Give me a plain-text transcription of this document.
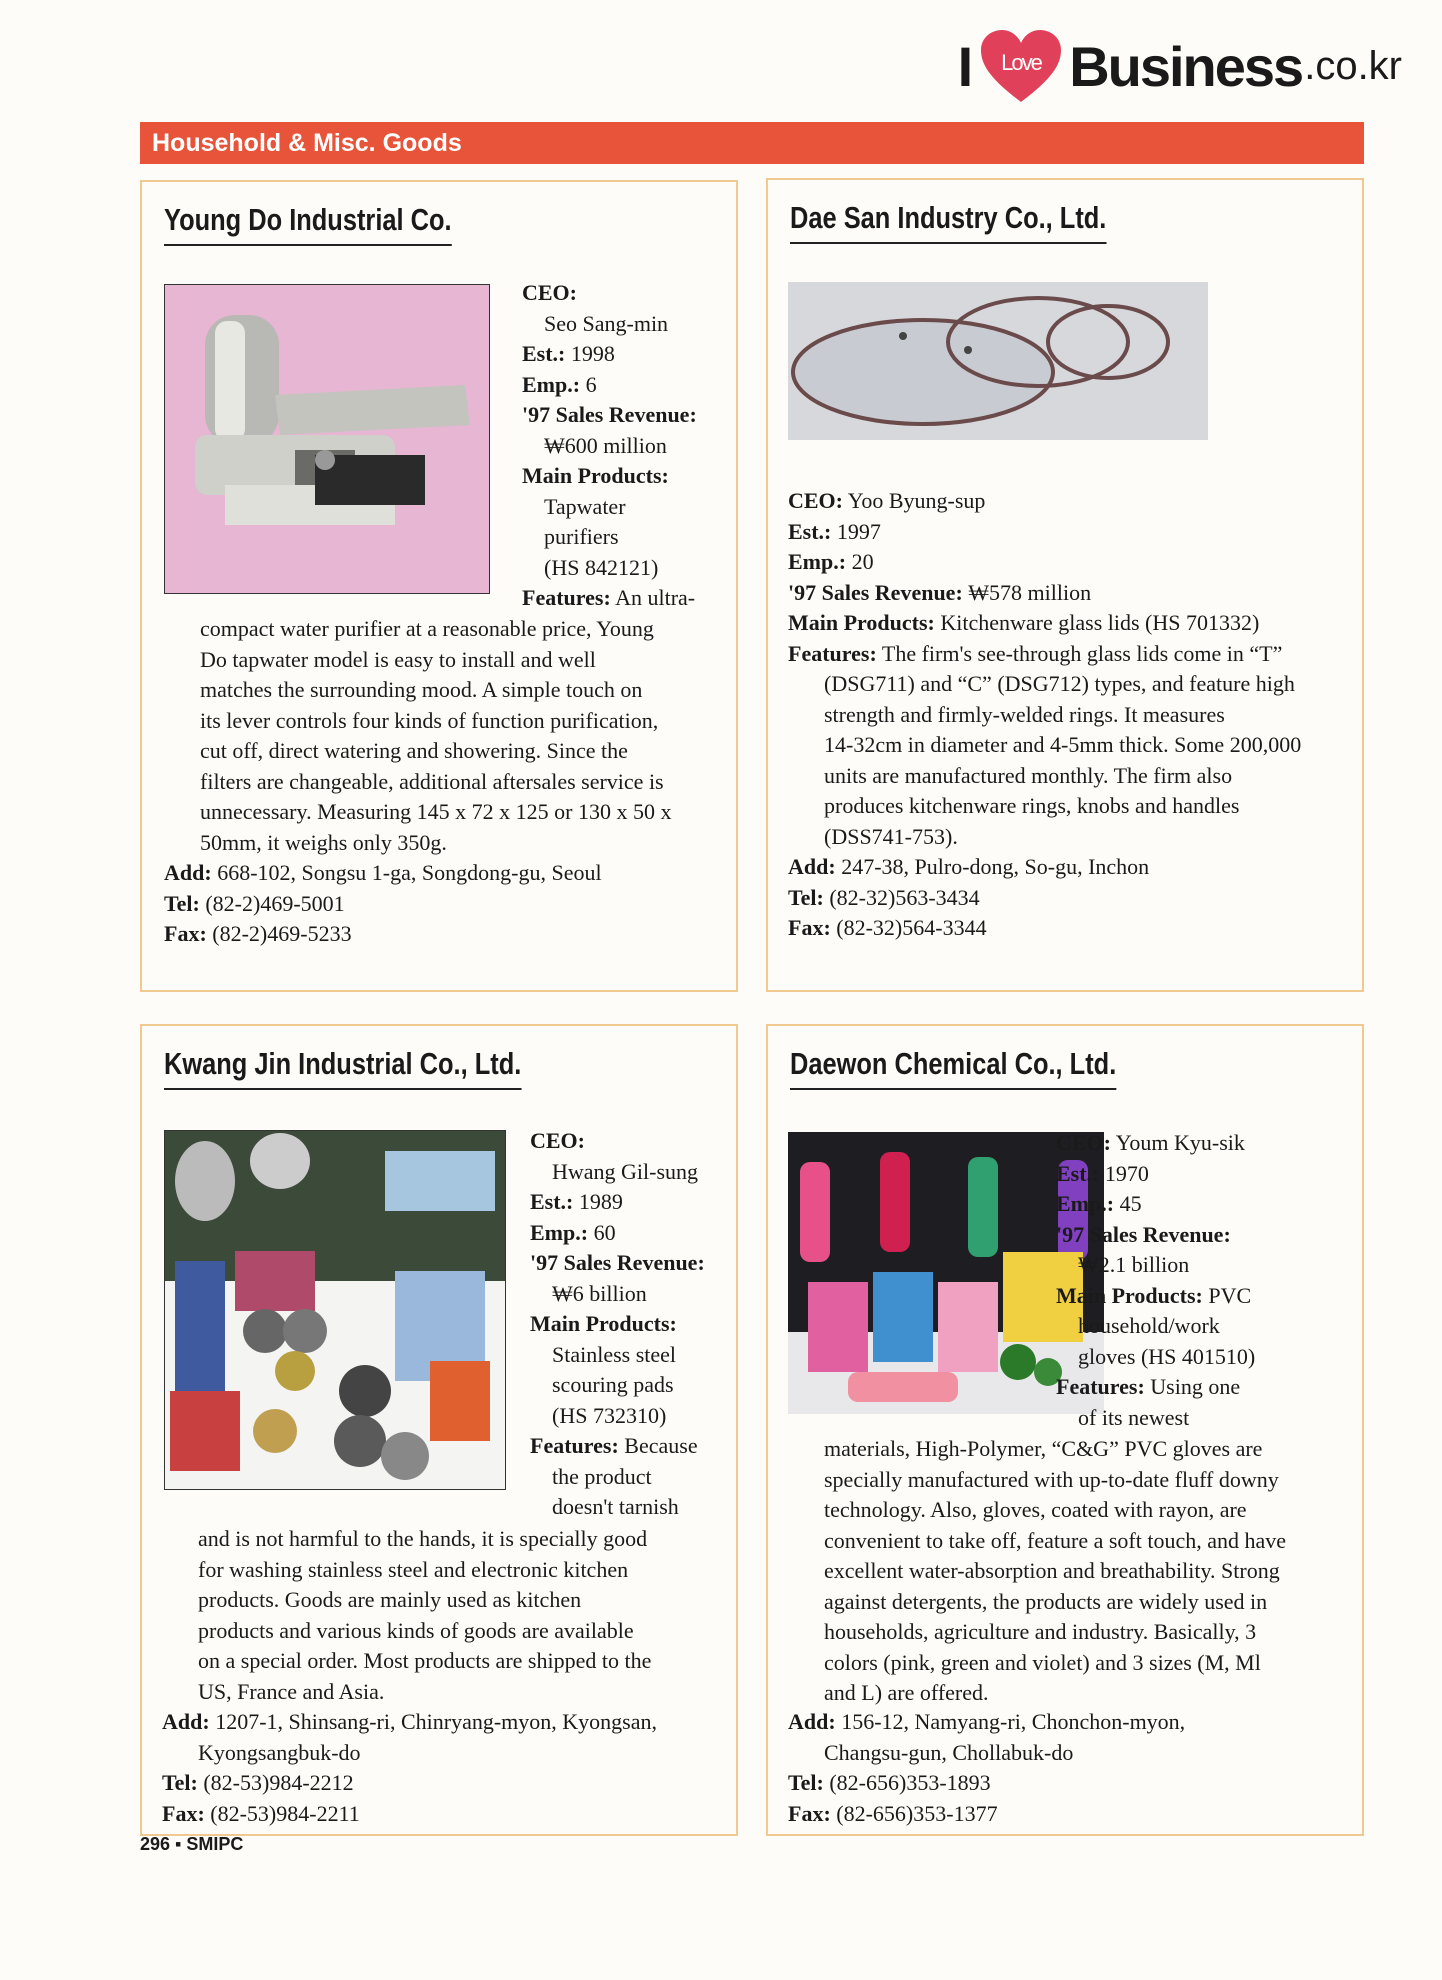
I Love Business .co.kr
Household & Misc. Goods
Young Do Industrial Co.
CEO:
Seo Sang-min
Est.: 1998
Emp.: 6
'97 Sales Revenue:
₩600 million
Main Products:
Tapwater
purifiers
(HS 842121)
Features: An ultra-
compact water purifier at a reasonable price, Young
Do tapwater model is easy to install and well
matches the surrounding mood. A simple touch on
its lever controls four kinds of function purification,
cut off, direct watering and showering. Since the
filters are changeable, additional aftersales service is
unnecessary. Measuring 145 x 72 x 125 or 130 x 50 x
50mm, it weighs only 350g.
Add: 668-102, Songsu 1-ga, Songdong-gu, Seoul
Tel: (82-2)469-5001
Fax: (82-2)469-5233
Dae San Industry Co., Ltd.
CEO: Yoo Byung-sup
Est.: 1997
Emp.: 20
'97 Sales Revenue: ₩578 million
Main Products: Kitchenware glass lids (HS 701332)
Features: The firm's see-through glass lids come in “T”
(DSG711) and “C” (DSG712) types, and feature high
strength and firmly-welded rings. It measures
14-32cm in diameter and 4-5mm thick. Some 200,000
units are manufactured monthly. The firm also
produces kitchenware rings, knobs and handles
(DSS741-753).
Add: 247-38, Pulro-dong, So-gu, Inchon
Tel: (82-32)563-3434
Fax: (82-32)564-3344
Kwang Jin Industrial Co., Ltd.
CEO:
Hwang Gil-sung
Est.: 1989
Emp.: 60
'97 Sales Revenue:
₩6 billion
Main Products:
Stainless steel
scouring pads
(HS 732310)
Features: Because
the product
doesn't tarnish
and is not harmful to the hands, it is specially good
for washing stainless steel and electronic kitchen
products. Goods are mainly used as kitchen
products and various kinds of goods are available
on a special order. Most products are shipped to the
US, France and Asia.
Add: 1207-1, Shinsang-ri, Chinryang-myon, Kyongsan,
Kyongsangbuk-do
Tel: (82-53)984-2212
Fax: (82-53)984-2211
Daewon Chemical Co., Ltd.
CEO: Youm Kyu-sik
Est.: 1970
Emp.: 45
'97 Sales Revenue:
₩2.1 billion
Main Products: PVC
household/work
gloves (HS 401510)
Features: Using one
of its newest
materials, High-Polymer, “C&G” PVC gloves are
specially manufactured with up-to-date fluff downy
technology. Also, gloves, coated with rayon, are
convenient to take off, feature a soft touch, and have
excellent water-absorption and breathability. Strong
against detergents, the products are widely used in
households, agriculture and industry. Basically, 3
colors (pink, green and violet) and 3 sizes (M, Ml
and L) are offered.
Add: 156-12, Namyang-ri, Chonchon-myon,
Changsu-gun, Chollabuk-do
Tel: (82-656)353-1893
Fax: (82-656)353-1377
296 ▪ SMIPC
